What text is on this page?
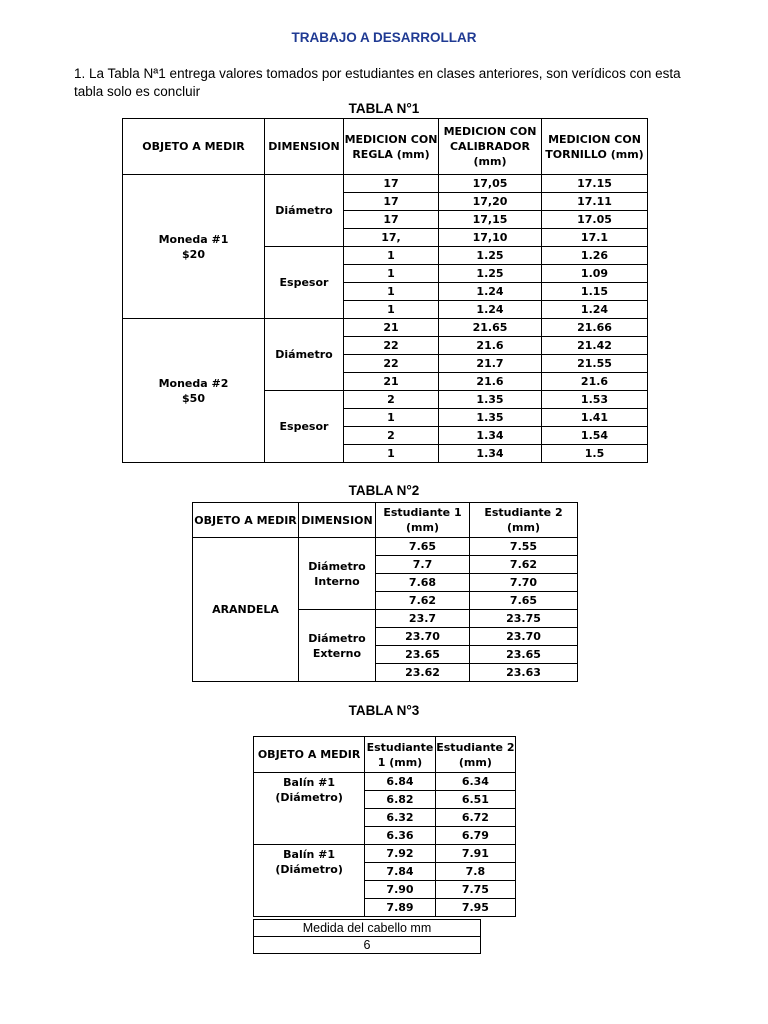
TRABAJO A DESARROLLAR
1. La Tabla Nª1 entrega valores tomados por estudiantes en clases anteriores, son verídicos con esta tabla solo es concluir
TABLA N°1
OBJETO A MEDIR	DIMENSION	MEDICION CON REGLA (mm)	MEDICION CON CALIBRADOR (mm)	MEDICION CON TORNILLO (mm)
Moneda #1
$20	Diámetro	17	17,05	17.15
		17	17,20	17.11
		17	17,15	17.05
		17,	17,10	17.1
	Espesor	1	1.25	1.26
		1	1.25	1.09
		1	1.24	1.15
		1	1.24	1.24
Moneda #2
$50	Diámetro	21	21.65	21.66
		22	21.6	21.42
		22	21.7	21.55
		21	21.6	21.6
	Espesor	2	1.35	1.53
		1	1.35	1.41
		2	1.34	1.54
		1	1.34	1.5
TABLA N°2
OBJETO A MEDIR	DIMENSION	Estudiante 1 (mm)	Estudiante 2 (mm)
ARANDELA	Diámetro Interno	7.65	7.55
		7.7	7.62
		7.68	7.70
		7.62	7.65
	Diámetro Externo	23.7	23.75
		23.70	23.70
		23.65	23.65
		23.62	23.63
TABLA N°3
OBJETO A MEDIR	Estudiante 1 (mm)	Estudiante 2 (mm)
Balín #1 (Diámetro)	6.84	6.34
	6.82	6.51
	6.32	6.72
	6.36	6.79
Balín #1 (Diámetro)	7.92	7.91
	7.84	7.8
	7.90	7.75
	7.89	7.95
Medida del cabello mm
6
